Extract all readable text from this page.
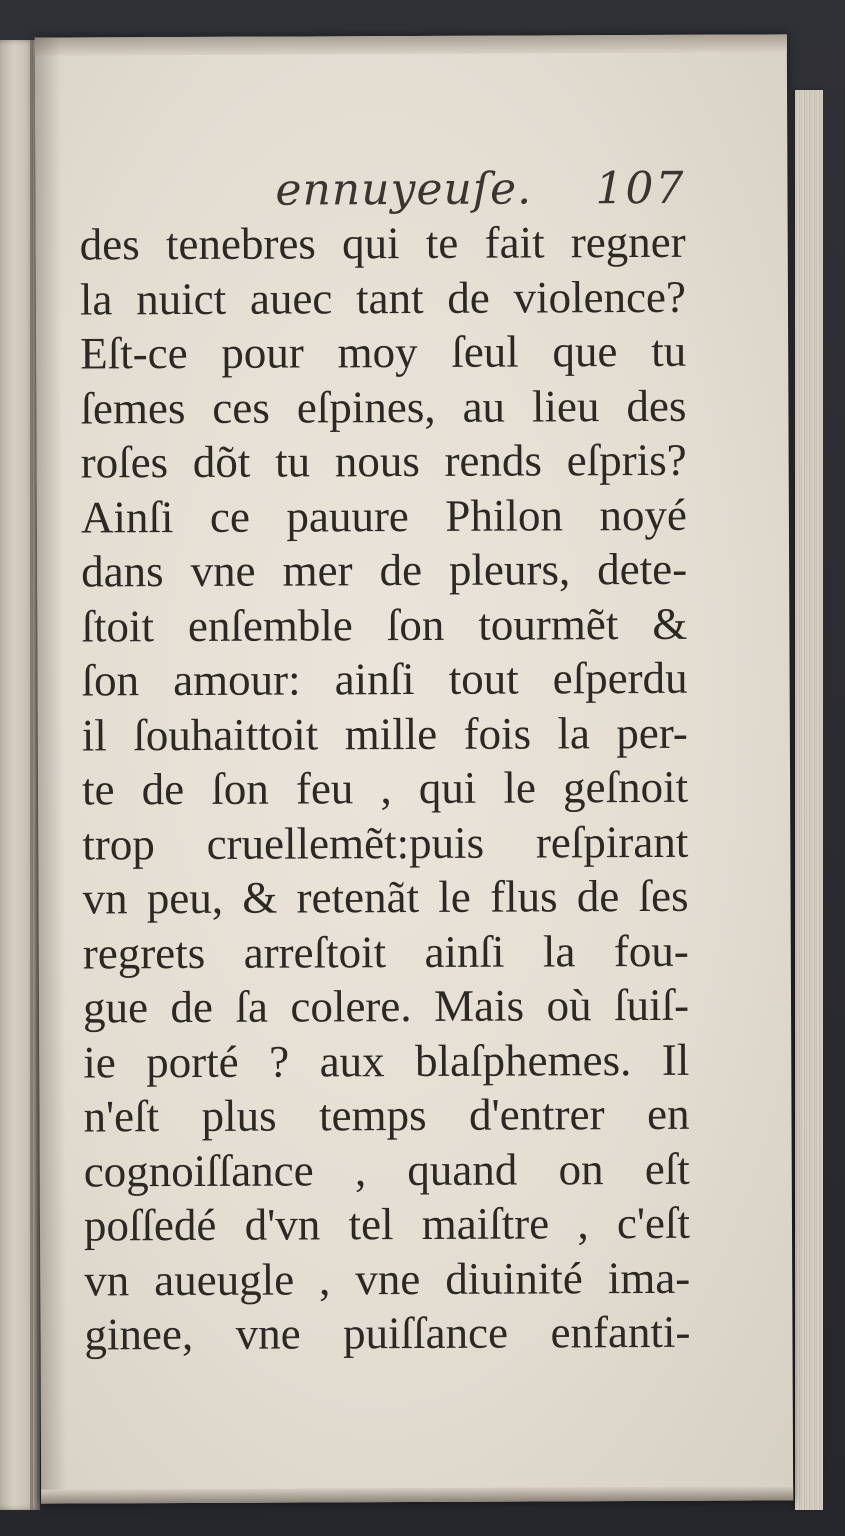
ennuyeuſe. 107
des tenebres qui te fait regner
la nuict auec tant de violence?
Eſt-ce pour moy ſeul que tu
ſemes ces eſpines, au lieu des
roſes dõt tu nous rends eſpris?
Ainſi ce pauure Philon noyé
dans vne mer de pleurs, dete-
ſtoit enſemble ſon tourmẽt &
ſon amour: ainſi tout eſperdu
il ſouhaittoit mille fois la per-
te de ſon feu , qui le geſnoit
trop cruellemẽt:puis reſpirant
vn peu, & retenãt le flus de ſes
regrets arreſtoit ainſi la fou-
gue de ſa colere. Mais où ſuiſ-
ie porté ? aux blaſphemes. Il
n'eſt plus temps d'entrer en
cognoiſſance , quand on eſt
poſſedé d'vn tel maiſtre , c'eſt
vn aueugle , vne diuinité ima-
ginee, vne puiſſance enfanti-
